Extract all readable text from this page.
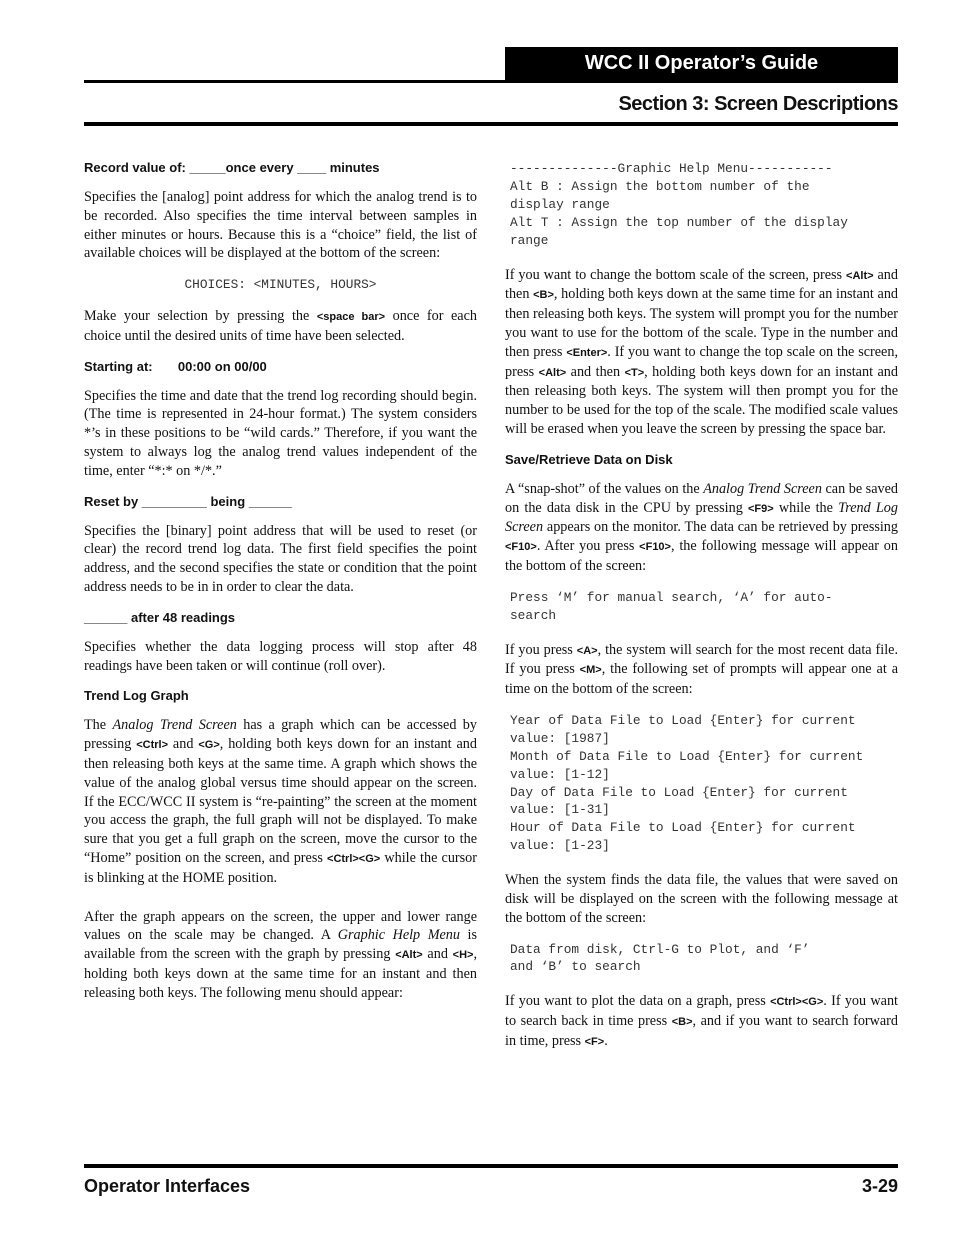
WCC II Operator’s Guide
Section 3: Screen Descriptions
Record value of: _____once every ____ minutes
Specifies the [analog] point address for which the analog trend is to be recorded. Also specifies the time interval between samples in either minutes or hours. Because this is a “choice” field, the list of available choices will be displayed at the bottom of the screen:
CHOICES: <MINUTES, HOURS>
Make your selection by pressing the <space bar> once for each choice until the desired units of time have been selected.
Starting at:       00:00 on 00/00
Specifies the time and date that the trend log recording should begin. (The time is represented in 24-hour format.) The system considers *’s in these positions to be “wild cards.” Therefore, if you want the system to always log the analog trend values independent of the time, enter “*:* on */*.”
Reset by _________ being ______
Specifies the [binary] point address that will be used to reset (or clear) the record trend log data. The first field specifies the point address, and the second specifies the state or condition that the point address needs to be in in order to clear the data.
______ after 48 readings
Specifies whether the data logging process will stop after 48 readings have been taken or will continue (roll over).
Trend Log Graph
The Analog Trend Screen has a graph which can be accessed by pressing <Ctrl> and <G>, holding both keys down for an instant and then releasing both keys at the same time. A graph which shows the value of the analog global versus time should appear on the screen. If the ECC/WCC II system is “re-painting” the screen at the moment you access the graph, the full graph will not be displayed. To make sure that you get a full graph on the screen, move the cursor to the “Home” position on the screen, and press <Ctrl><G> while the cursor is blinking at the HOME position.
After the graph appears on the screen, the upper and lower range values on the scale may be changed. A Graphic Help Menu is available from the screen with the graph by pressing <Alt> and <H>, holding both keys down at the same time for an instant and then releasing both keys. The following menu should appear:
--------------Graphic Help Menu-----------
Alt B : Assign the bottom number of the
display range
Alt T : Assign the top number of the display
range
If you want to change the bottom scale of the screen, press <Alt> and then <B>, holding both keys down at the same time for an instant and then releasing both keys. The system will prompt you for the number you want to use for the bottom of the scale. Type in the number and then press <Enter>. If you want to change the top scale on the screen, press <Alt> and then <T>, holding both keys down for an instant and then releasing both keys. The system will then prompt you for the number to be used for the top of the scale. The modified scale values will be erased when you leave the screen by pressing the space bar.
Save/Retrieve Data on Disk
A “snap-shot” of the values on the Analog Trend Screen can be saved on the data disk in the CPU by pressing <F9> while the Trend Log Screen appears on the monitor. The data can be retrieved by pressing <F10>. After you press <F10>, the following message will appear on the bottom of the screen:
Press ‘M’ for manual search, ‘A’ for auto-
search
If you press <A>, the system will search for the most recent data file. If you press <M>, the following set of prompts will appear one at a time on the bottom of the screen:
Year of Data File to Load {Enter} for current
value: [1987]
Month of Data File to Load {Enter} for current
value: [1-12]
Day of Data File to Load {Enter} for current
value: [1-31]
Hour of Data File to Load {Enter} for current
value: [1-23]
When the system finds the data file, the values that were saved on disk will be displayed on the screen with the following message at the bottom of the screen:
Data from disk, Ctrl-G to Plot, and ‘F’
and ‘B’ to search
If you want to plot the data on a graph, press <Ctrl><G>. If you want to search back in time press <B>, and if you want to search forward in time, press <F>.
Operator Interfaces	3-29
